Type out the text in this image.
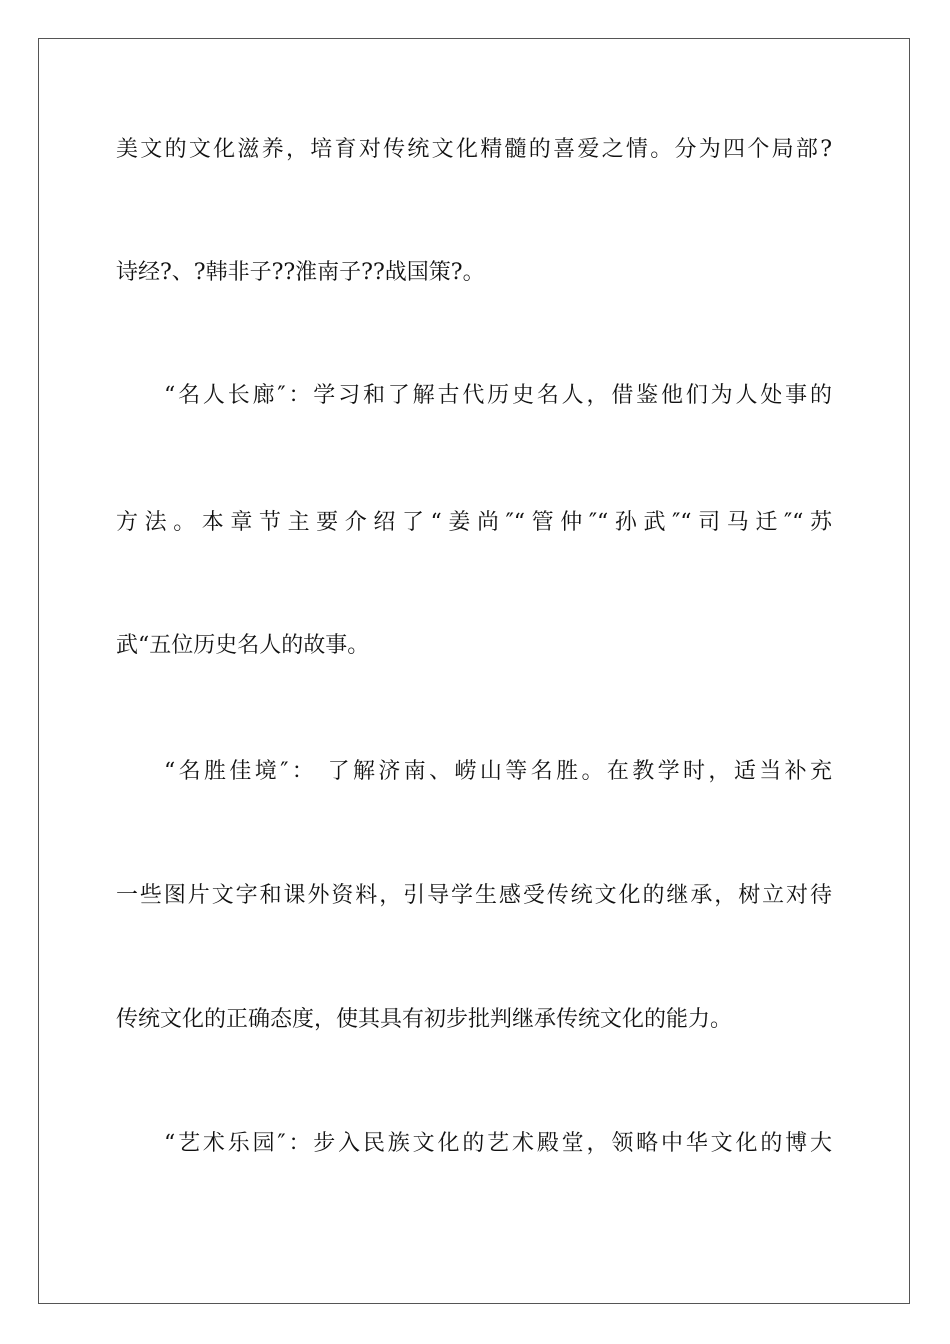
美文的文化滋养，培育对传统文化精髓的喜爱之情。分为四个局部?
诗经?、?韩非子??淮南子??战国策?。
“名人长廊″：学习和了解古代历史名人，借鉴他们为人处事的
方法。本章节主要介绍了“姜尚″“管仲″“孙武″“司马迁″“苏
武“五位历史名人的故事。
“名胜佳境″： 了解济南、崂山等名胜。在教学时，适当补充
一些图片文字和课外资料，引导学生感受传统文化的继承，树立对待
传统文化的正确态度，使其具有初步批判继承传统文化的能力。
“艺术乐园″：步入民族文化的艺术殿堂，领略中华文化的博大
